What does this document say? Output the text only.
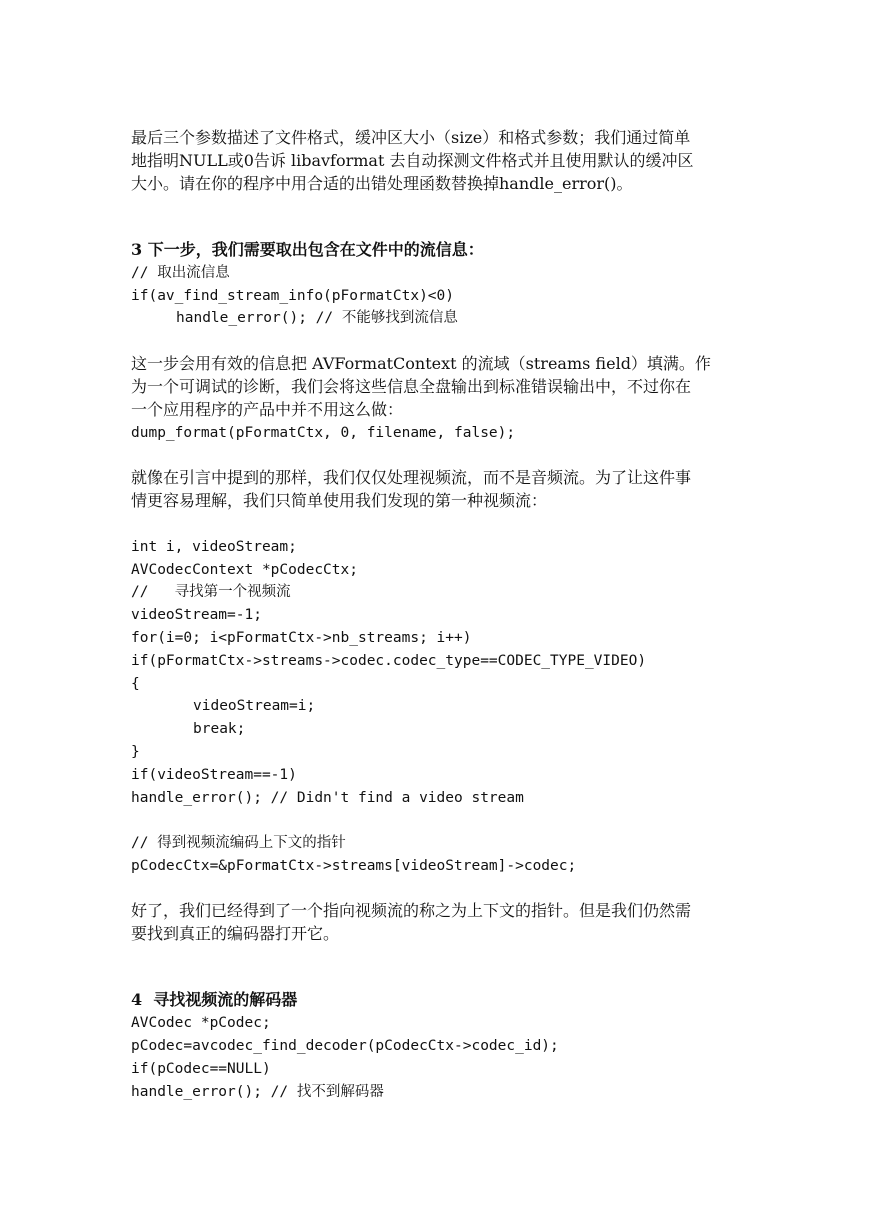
最后三个参数描述了文件格式，缓冲区大小（size）和格式参数；我们通过简单
地指明NULL或0告诉 libavformat 去自动探测文件格式并且使用默认的缓冲区
大小。请在你的程序中用合适的出错处理函数替换掉handle_error()。
3 下一步，我们需要取出包含在文件中的流信息：
// 取出流信息
if(av_find_stream_info(pFormatCtx)<0)
handle_error(); // 不能够找到流信息
这一步会用有效的信息把 AVFormatContext 的流域（streams field）填满。作
为一个可调试的诊断，我们会将这些信息全盘输出到标准错误输出中，不过你在
一个应用程序的产品中并不用这么做：
dump_format(pFormatCtx, 0, filename, false);
就像在引言中提到的那样，我们仅仅处理视频流，而不是音频流。为了让这件事
情更容易理解，我们只简单使用我们发现的第一种视频流：
int i, videoStream;
AVCodecContext *pCodecCtx;
//   寻找第一个视频流
videoStream=-1;
for(i=0; i<pFormatCtx->nb_streams; i++)
if(pFormatCtx->streams->codec.codec_type==CODEC_TYPE_VIDEO)
{
videoStream=i;
break;
}
if(videoStream==-1)
handle_error(); // Didn't find a video stream
// 得到视频流编码上下文的指针
pCodecCtx=&pFormatCtx->streams[videoStream]->codec;
好了，我们已经得到了一个指向视频流的称之为上下文的指针。但是我们仍然需
要找到真正的编码器打开它。
4  寻找视频流的解码器
AVCodec *pCodec;
pCodec=avcodec_find_decoder(pCodecCtx->codec_id);
if(pCodec==NULL)
handle_error(); // 找不到解码器
